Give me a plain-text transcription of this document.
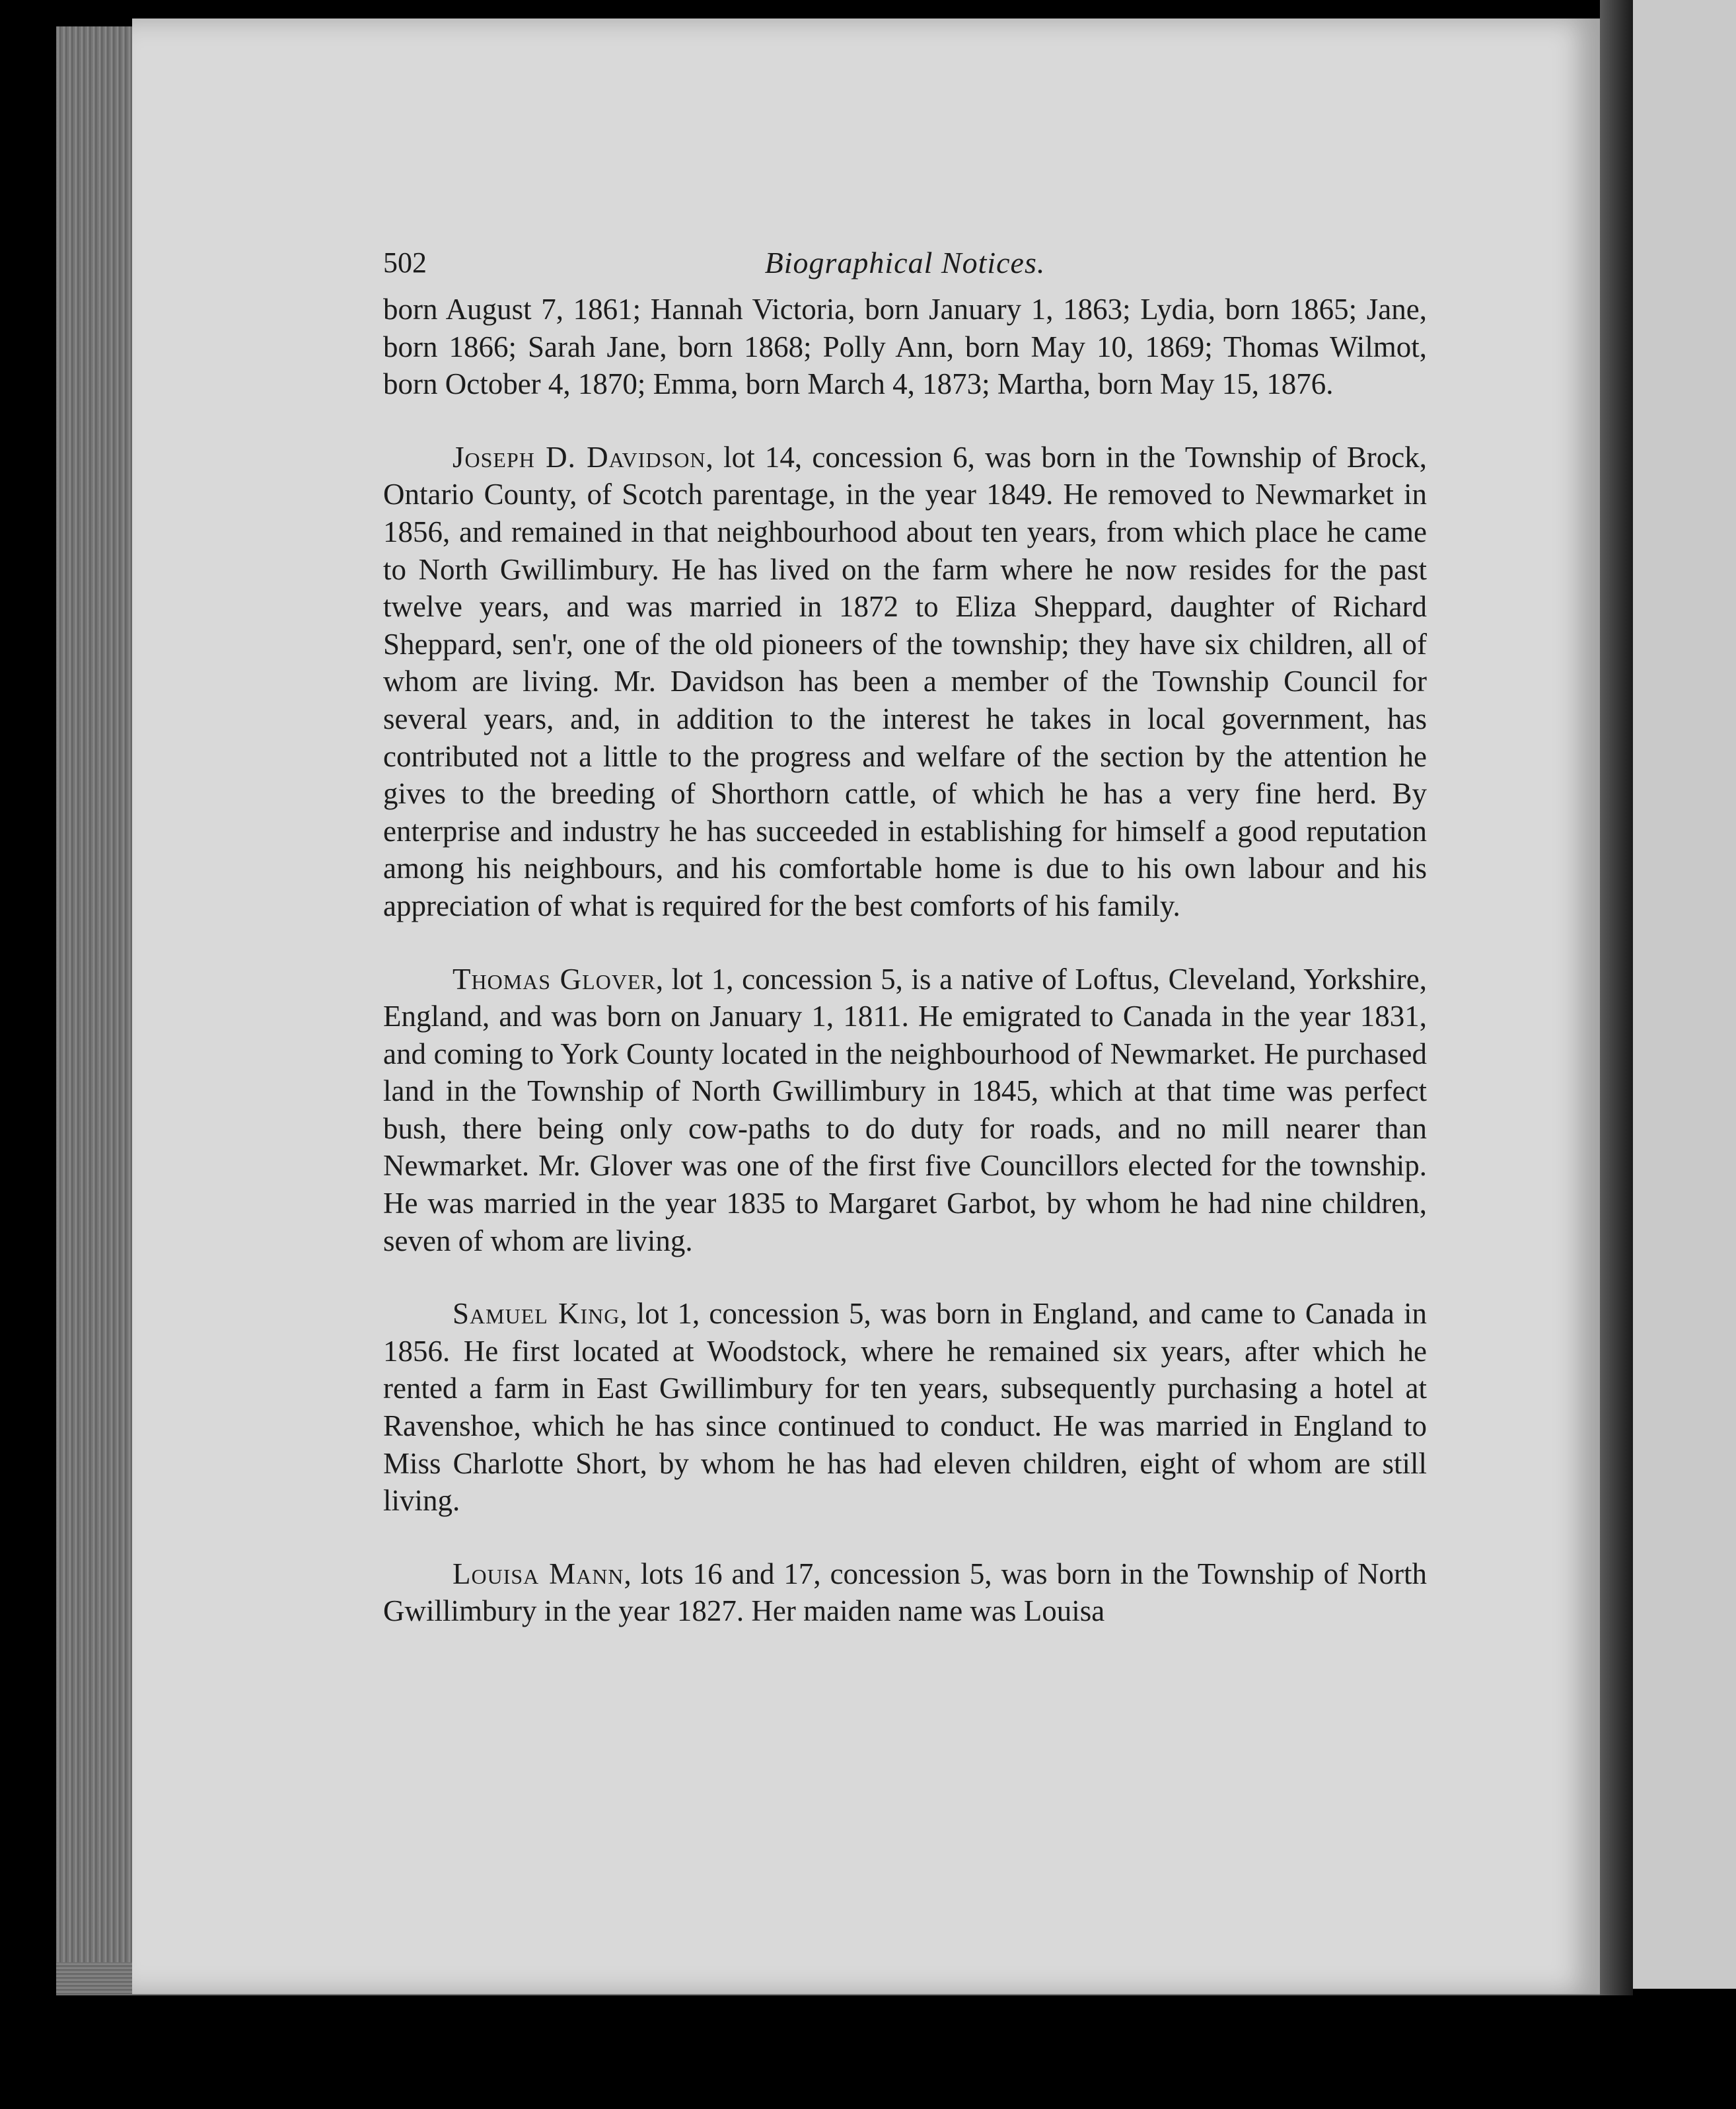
502	Biographical Notices.

born August 7, 1861; Hannah Victoria, born January 1, 1863; Lydia, born 1865; Jane, born 1866; Sarah Jane, born 1868; Polly Ann, born May 10, 1869; Thomas Wilmot, born October 4, 1870; Emma, born March 4, 1873; Martha, born May 15, 1876.

Joseph D. Davidson, lot 14, concession 6, was born in the Township of Brock, Ontario County, of Scotch parentage, in the year 1849. He removed to Newmarket in 1856, and remained in that neighbourhood about ten years, from which place he came to North Gwillimbury. He has lived on the farm where he now resides for the past twelve years, and was married in 1872 to Eliza Sheppard, daughter of Richard Sheppard, sen'r, one of the old pioneers of the township; they have six children, all of whom are living. Mr. Davidson has been a member of the Township Council for several years, and, in addition to the interest he takes in local government, has contributed not a little to the progress and welfare of the section by the attention he gives to the breeding of Shorthorn cattle, of which he has a very fine herd. By enterprise and industry he has succeeded in establishing for himself a good reputation among his neighbours, and his comfortable home is due to his own labour and his appreciation of what is required for the best comforts of his family.

Thomas Glover, lot 1, concession 5, is a native of Loftus, Cleveland, Yorkshire, England, and was born on January 1, 1811. He emigrated to Canada in the year 1831, and coming to York County located in the neighbourhood of Newmarket. He purchased land in the Township of North Gwillimbury in 1845, which at that time was perfect bush, there being only cow-paths to do duty for roads, and no mill nearer than Newmarket. Mr. Glover was one of the first five Councillors elected for the township. He was married in the year 1835 to Margaret Garbot, by whom he had nine children, seven of whom are living.

Samuel King, lot 1, concession 5, was born in England, and came to Canada in 1856. He first located at Woodstock, where he remained six years, after which he rented a farm in East Gwillimbury for ten years, subsequently purchasing a hotel at Ravenshoe, which he has since continued to conduct. He was married in England to Miss Charlotte Short, by whom he has had eleven children, eight of whom are still living.

Louisa Mann, lots 16 and 17, concession 5, was born in the Township of North Gwillimbury in the year 1827. Her maiden name was Louisa
